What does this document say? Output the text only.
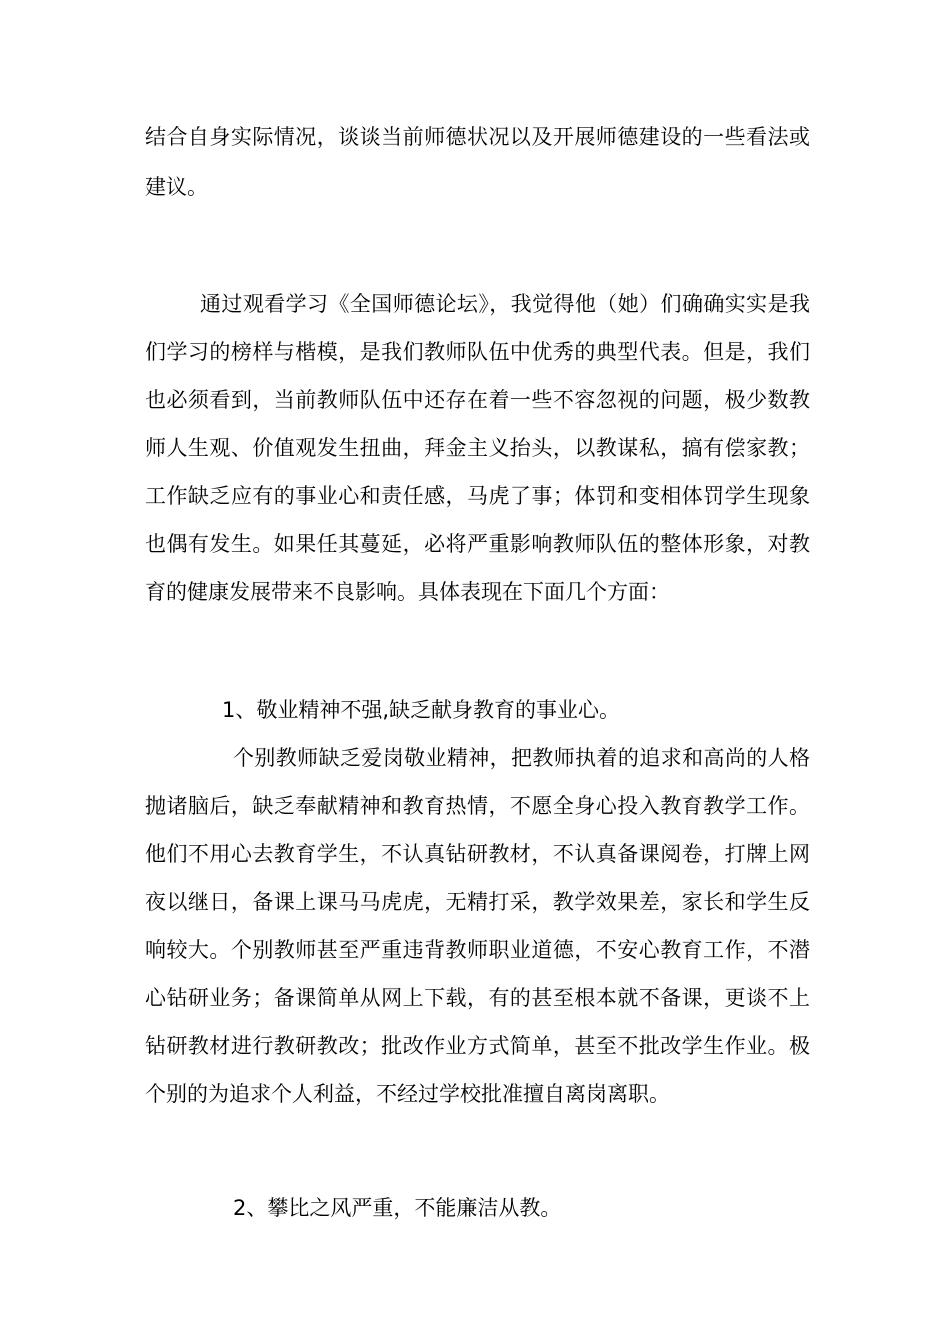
结合自身实际情况，谈谈当前师德状况以及开展师德建设的一些看法或建议。

通过观看学习《全国师德论坛》，我觉得他（她）们确确实实是我们学习的榜样与楷模，是我们教师队伍中优秀的典型代表。但是，我们也必须看到，当前教师队伍中还存在着一些不容忽视的问题，极少数教师人生观、价值观发生扭曲，拜金主义抬头，以教谋私，搞有偿家教；工作缺乏应有的事业心和责任感，马虎了事；体罚和变相体罚学生现象也偶有发生。如果任其蔓延，必将严重影响教师队伍的整体形象，对教育的健康发展带来不良影响。具体表现在下面几个方面：

1、敬业精神不强,缺乏献身教育的事业心。

个别教师缺乏爱岗敬业精神，把教师执着的追求和高尚的人格抛诸脑后，缺乏奉献精神和教育热情，不愿全身心投入教育教学工作。他们不用心去教育学生，不认真钻研教材，不认真备课阅卷，打牌上网夜以继日，备课上课马马虎虎，无精打采，教学效果差，家长和学生反响较大。个别教师甚至严重违背教师职业道德，不安心教育工作，不潜心钻研业务；备课简单从网上下载，有的甚至根本就不备课，更谈不上钻研教材进行教研教改；批改作业方式简单，甚至不批改学生作业。极个别的为追求个人利益，不经过学校批准擅自离岗离职。

2、攀比之风严重，不能廉洁从教。
